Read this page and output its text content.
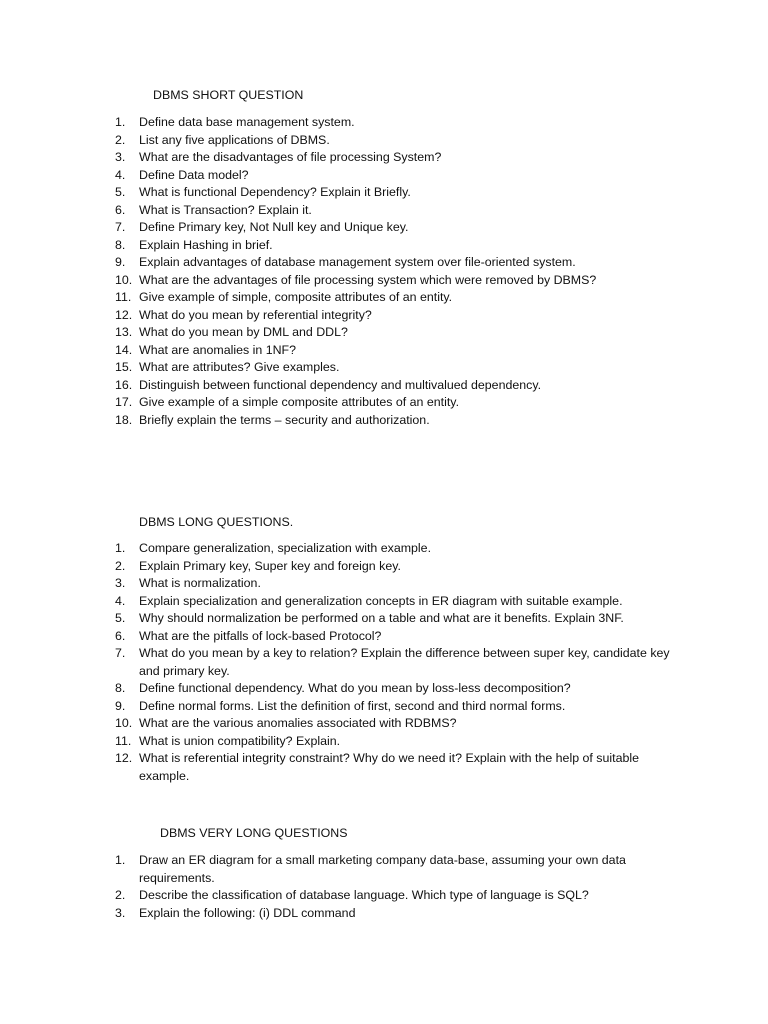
DBMS SHORT QUESTION
1.	Define data base management system.
2.	List any five applications of DBMS.
3.	What are the disadvantages of file processing System?
4.	Define Data model?
5.	What is functional Dependency? Explain it Briefly.
6.	What is Transaction? Explain it.
7.	Define Primary key, Not Null key and Unique key.
8.	Explain Hashing in brief.
9.	Explain advantages of database management system over file-oriented system.
10. What are the advantages of file processing system which were removed by DBMS?
11. Give example of simple, composite attributes of an entity.
12. What do you mean by referential integrity?
13. What do you mean by DML and DDL?
14. What are anomalies in 1NF?
15. What are attributes? Give examples.
16. Distinguish between functional dependency and multivalued dependency.
17. Give example of a simple composite attributes of an entity.
18. Briefly explain the terms – security and authorization.
DBMS LONG QUESTIONS.
1.	Compare generalization, specialization with example.
2.	Explain Primary key, Super key and foreign key.
3.	What is normalization.
4.	Explain specialization and generalization concepts in ER diagram with suitable example.
5.	Why should normalization be performed on a table and what are it benefits. Explain 3NF.
6.	What are the pitfalls of lock-based Protocol?
7.	What do you mean by a key to relation? Explain the difference between super key, candidate key and primary key.
8.	Define functional dependency. What do you mean by loss-less decomposition?
9.	Define normal forms. List the definition of first, second and third normal forms.
10. What are the various anomalies associated with RDBMS?
11. What is union compatibility? Explain.
12. What is referential integrity constraint? Why do we need it? Explain with the help of suitable example.
DBMS VERY LONG QUESTIONS
1.	Draw an ER diagram for a small marketing company data-base, assuming your own data requirements.
2.	Describe the classification of database language. Which type of language is SQL?
3.	Explain the following: (i) DDL command
